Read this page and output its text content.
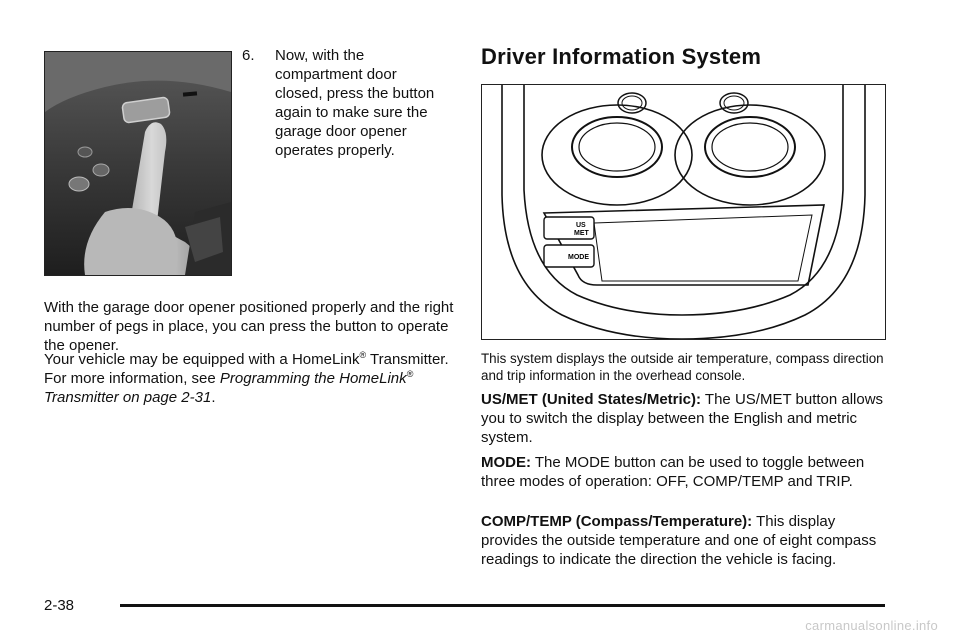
6. Now, with the compartment door closed, press the button again to make sure the garage door opener operates properly.

With the garage door opener positioned properly and the right number of pegs in place, you can press the button to operate the opener.

Your vehicle may be equipped with a HomeLink® Transmitter. For more information, see Programming the HomeLink® Transmitter on page 2-31.

Driver Information System
US
MET
MODE

This system displays the outside air temperature, compass direction and trip information in the overhead console.

US/MET (United States/Metric): The US/MET button allows you to switch the display between the English and metric system.

MODE: The MODE button can be used to toggle between three modes of operation: OFF, COMP/TEMP and TRIP.

COMP/TEMP (Compass/Temperature): This display provides the outside temperature and one of eight compass readings to indicate the direction the vehicle is facing.

2-38
carmanualsonline.info
